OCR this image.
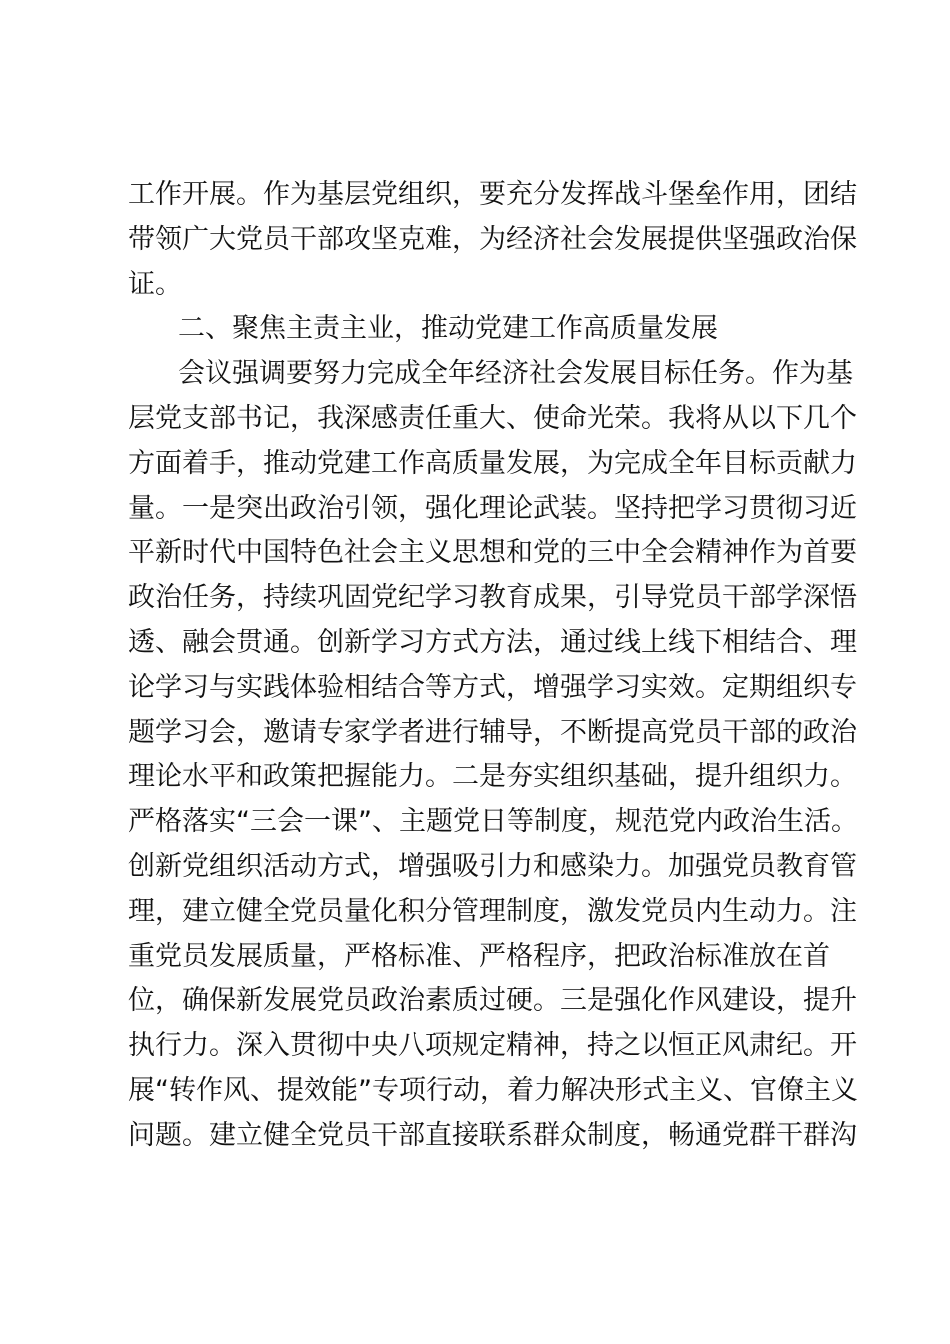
工作开展。作为基层党组织，要充分发挥战斗堡垒作用，团结
带领广大党员干部攻坚克难，为经济社会发展提供坚强政治保
证。
二、聚焦主责主业，推动党建工作高质量发展
会议强调要努力完成全年经济社会发展目标任务。作为基
层党支部书记，我深感责任重大、使命光荣。我将从以下几个
方面着手，推动党建工作高质量发展，为完成全年目标贡献力
量。一是突出政治引领，强化理论武装。坚持把学习贯彻习近
平新时代中国特色社会主义思想和党的三中全会精神作为首要
政治任务，持续巩固党纪学习教育成果，引导党员干部学深悟
透、融会贯通。创新学习方式方法，通过线上线下相结合、理
论学习与实践体验相结合等方式，增强学习实效。定期组织专
题学习会，邀请专家学者进行辅导，不断提高党员干部的政治
理论水平和政策把握能力。二是夯实组织基础，提升组织力。
严格落实“三会一课”、主题党日等制度，规范党内政治生活。
创新党组织活动方式，增强吸引力和感染力。加强党员教育管
理，建立健全党员量化积分管理制度，激发党员内生动力。注
重党员发展质量，严格标准、严格程序，把政治标准放在首
位，确保新发展党员政治素质过硬。三是强化作风建设，提升
执行力。深入贯彻中央八项规定精神，持之以恒正风肃纪。开
展“转作风、提效能”专项行动，着力解决形式主义、官僚主义
问题。建立健全党员干部直接联系群众制度，畅通党群干群沟
